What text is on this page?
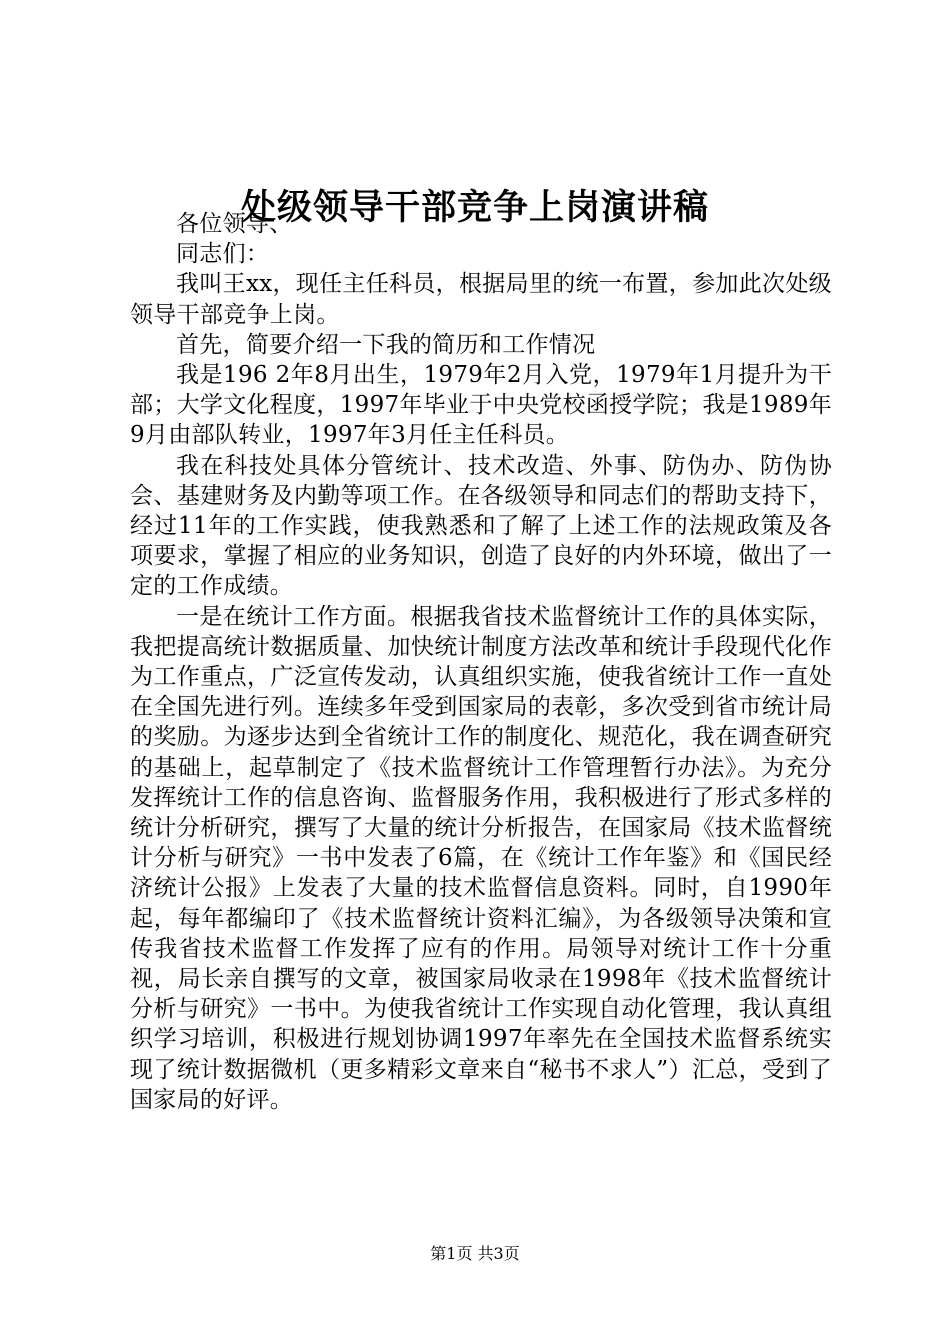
处级领导干部竞争上岗演讲稿

各位领导、

同志们：

我叫王xx，现任主任科员，根据局里的统一布置，参加此次处级领导干部竞争上岗。

首先，简要介绍一下我的简历和工作情况

我是196 2年8月出生，1979年2月入党，1979年1月提升为干部；大学文化程度，1997年毕业于中央党校函授学院；我是1989年9月由部队转业，1997年3月任主任科员。

我在科技处具体分管统计、技术改造、外事、防伪办、防伪协会、基建财务及内勤等项工作。在各级领导和同志们的帮助支持下，经过11年的工作实践，使我熟悉和了解了上述工作的法规政策及各项要求，掌握了相应的业务知识，创造了良好的内外环境，做出了一定的工作成绩。

一是在统计工作方面。根据我省技术监督统计工作的具体实际，我把提高统计数据质量、加快统计制度方法改革和统计手段现代化作为工作重点，广泛宣传发动，认真组织实施，使我省统计工作一直处在全国先进行列。连续多年受到国家局的表彰，多次受到省市统计局的奖励。为逐步达到全省统计工作的制度化、规范化，我在调查研究的基础上，起草制定了《技术监督统计工作管理暂行办法》。为充分发挥统计工作的信息咨询、监督服务作用，我积极进行了形式多样的统计分析研究，撰写了大量的统计分析报告，在国家局《技术监督统计分析与研究》一书中发表了6篇，在《统计工作年鉴》和《国民经济统计公报》上发表了大量的技术监督信息资料。同时，自1990年起，每年都编印了《技术监督统计资料汇编》，为各级领导决策和宣传我省技术监督工作发挥了应有的作用。局领导对统计工作十分重视，局长亲自撰写的文章，被国家局收录在1998年《技术监督统计分析与研究》一书中。为使我省统计工作实现自动化管理，我认真组织学习培训，积极进行规划协调1997年率先在全国技术监督系统实现了统计数据微机（更多精彩文章来自“秘书不求人”）汇总，受到了国家局的好评。

第1页 共3页
